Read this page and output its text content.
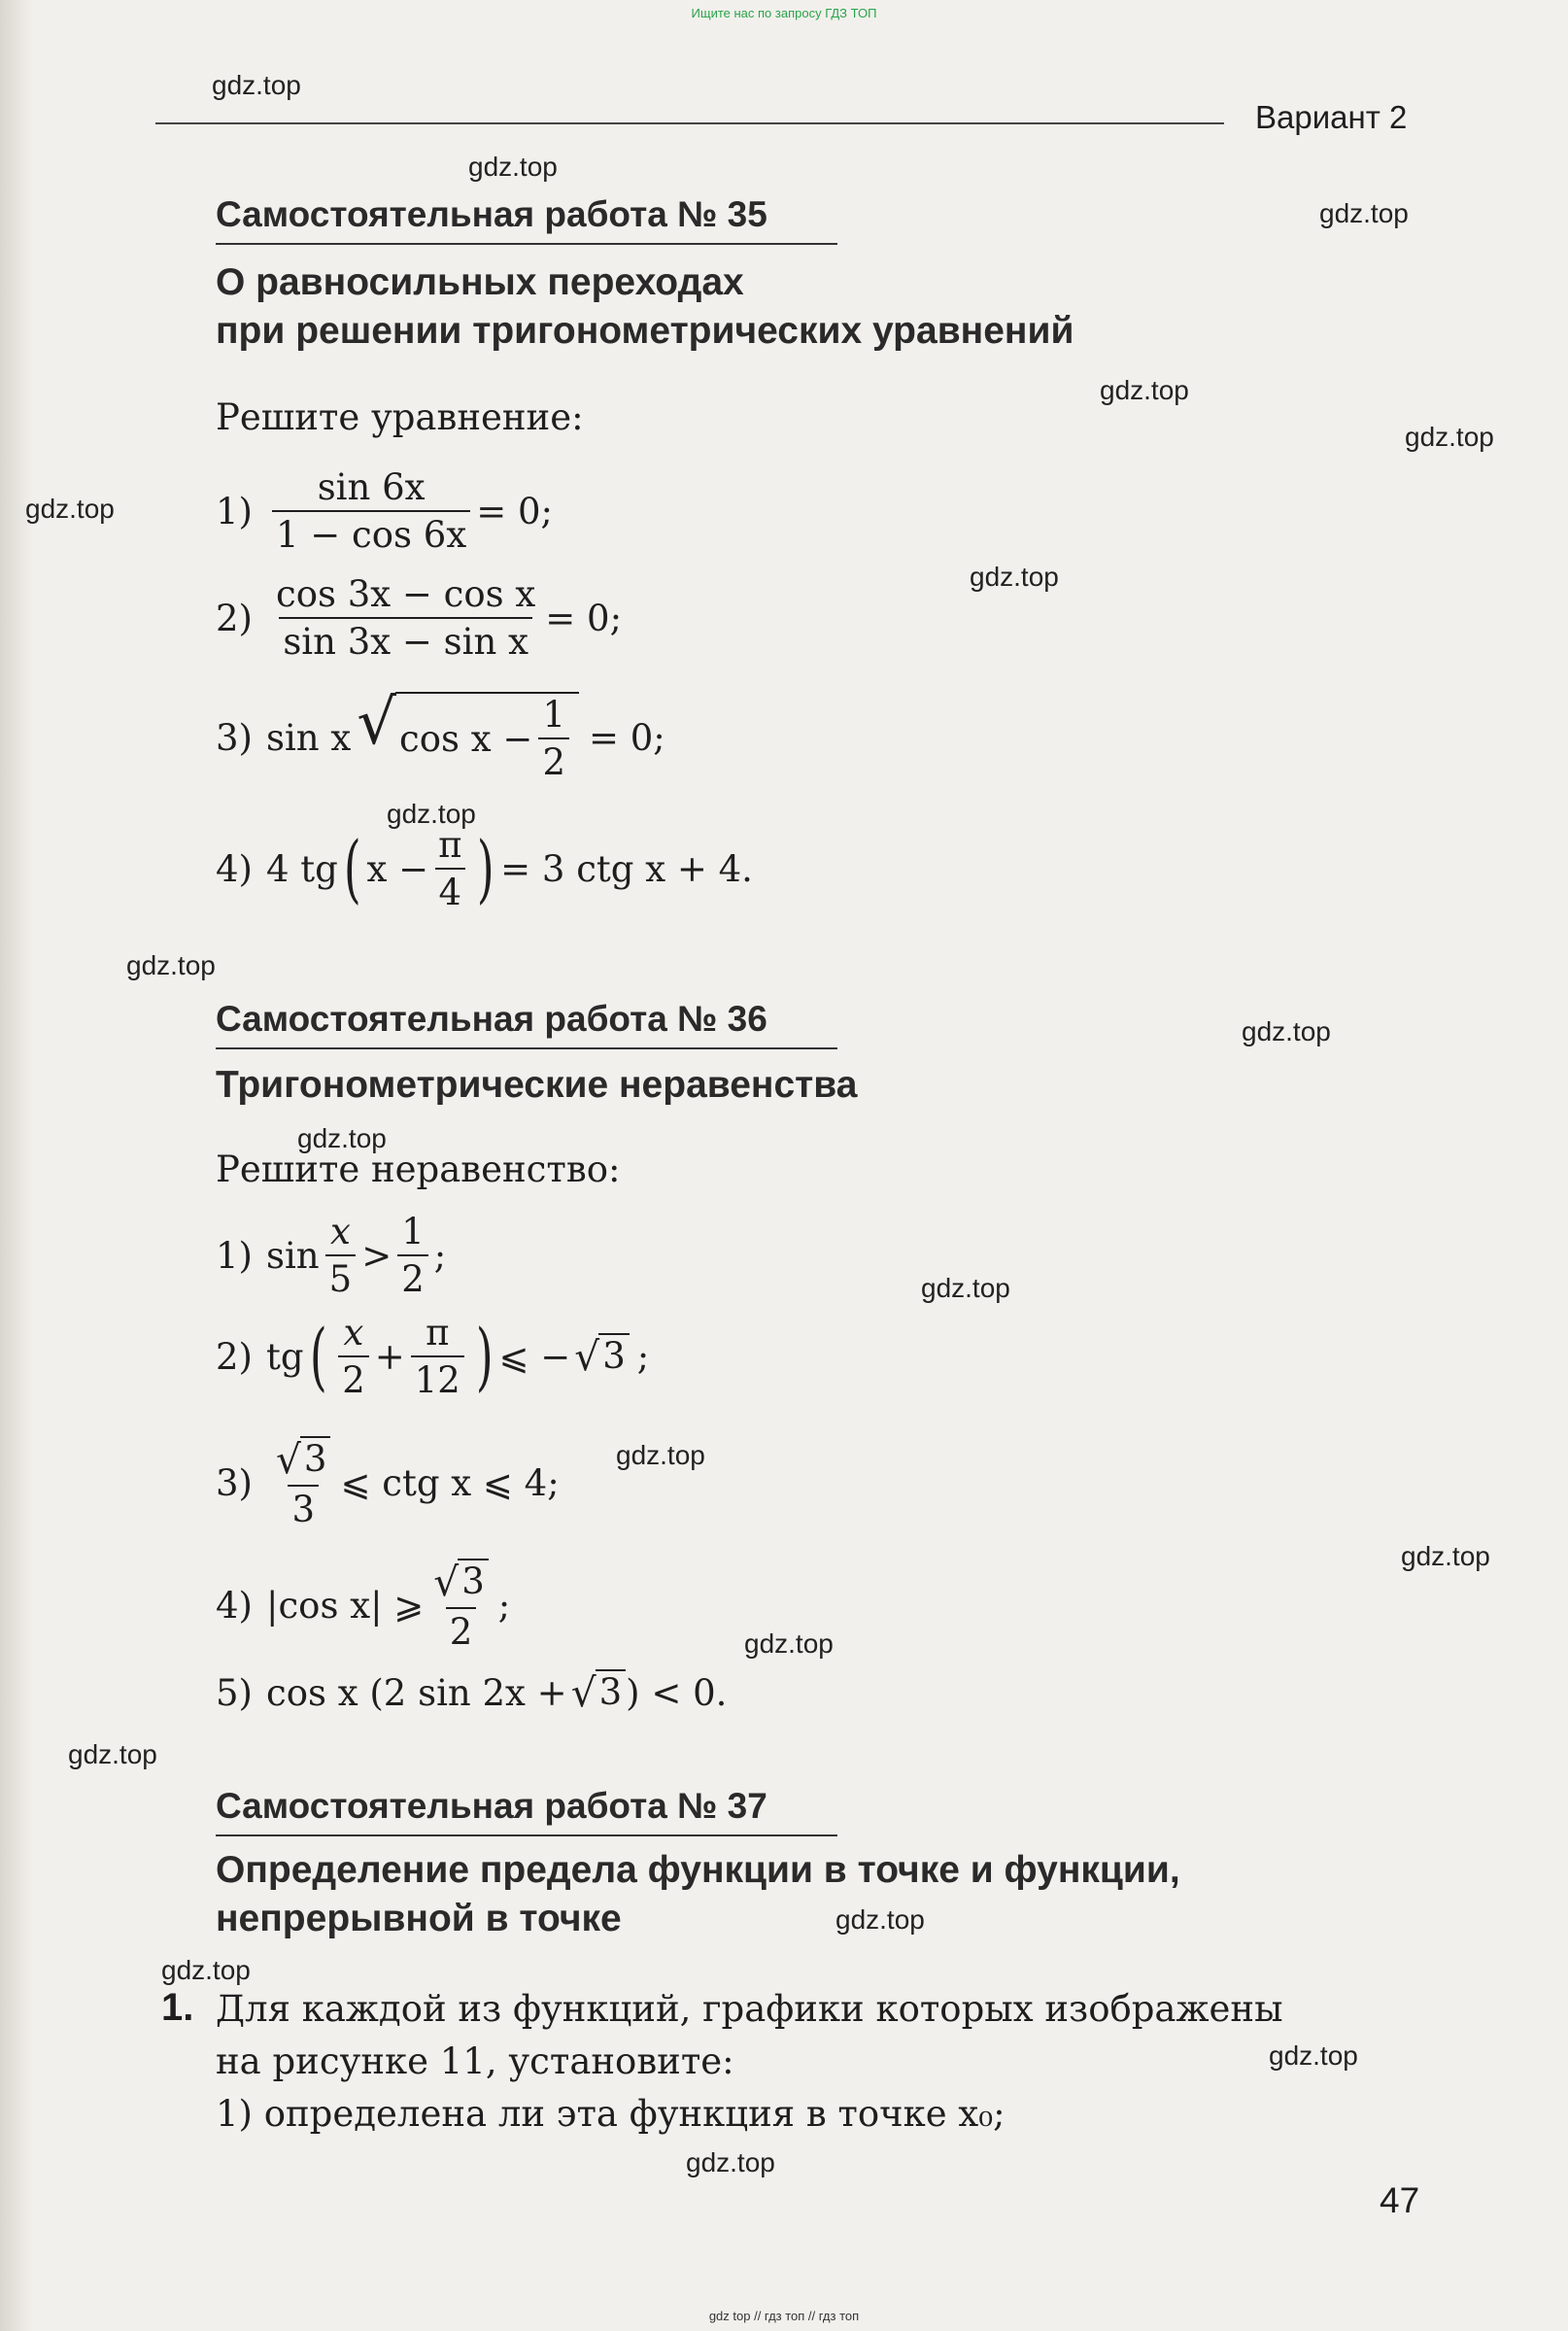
Ищите нас по запросу ГДЗ ТОП
Вариант 2
Самостоятельная работа № 35
О равносильных переходах
при решении тригонометрических уравнений
Решите уравнение:
$1) \frac{\sin 6x}{1 - \cos 6x} = 0$;
$2) \frac{\text{cos 3x − cos x}}{\text{sin 3x − sin x}} = 0$;
3) sin x √ $\cos x - \frac{1}{2} = 0$;
4) 4 tg ( $x - \frac{\pi}{4}$ ) = 3 ctg x + 4.
Самостоятельная работа № 36
Тригонометрические неравенства
Решите неравенство:
1) $\sin \frac{x}{5} > \frac{1}{2}$ ;
2) tg ( $\frac{x}{2} + \frac{\pi}{12}$ ) ⩽ − √ 3 ;
$3) \frac{√ 3}{3}$ ⩽ ctg x ⩽ 4;
4) |cos x| ⩾ $\frac{√ 3}{2}$ ;
5) cos x (2 sin 2x + √ 3 ) < 0.
Самостоятельная работа № 37
Определение предела функции в точке и функции,
непрерывной в точке
1. Для каждой из функций, графики которых изображены
на рисунке 11, установите:
1) определена ли эта функция в точке x₀;
47
gdz.top
gdz.top
gdz.top
gdz.top
gdz.top
gdz.top
gdz.top
gdz.top
gdz.top
gdz.top
gdz.top
gdz.top
gdz.top
gdz.top
gdz.top
gdz.top
gdz.top
gdz.top
gdz.top
gdz.top
gdz top // гдз топ // гдз топ
